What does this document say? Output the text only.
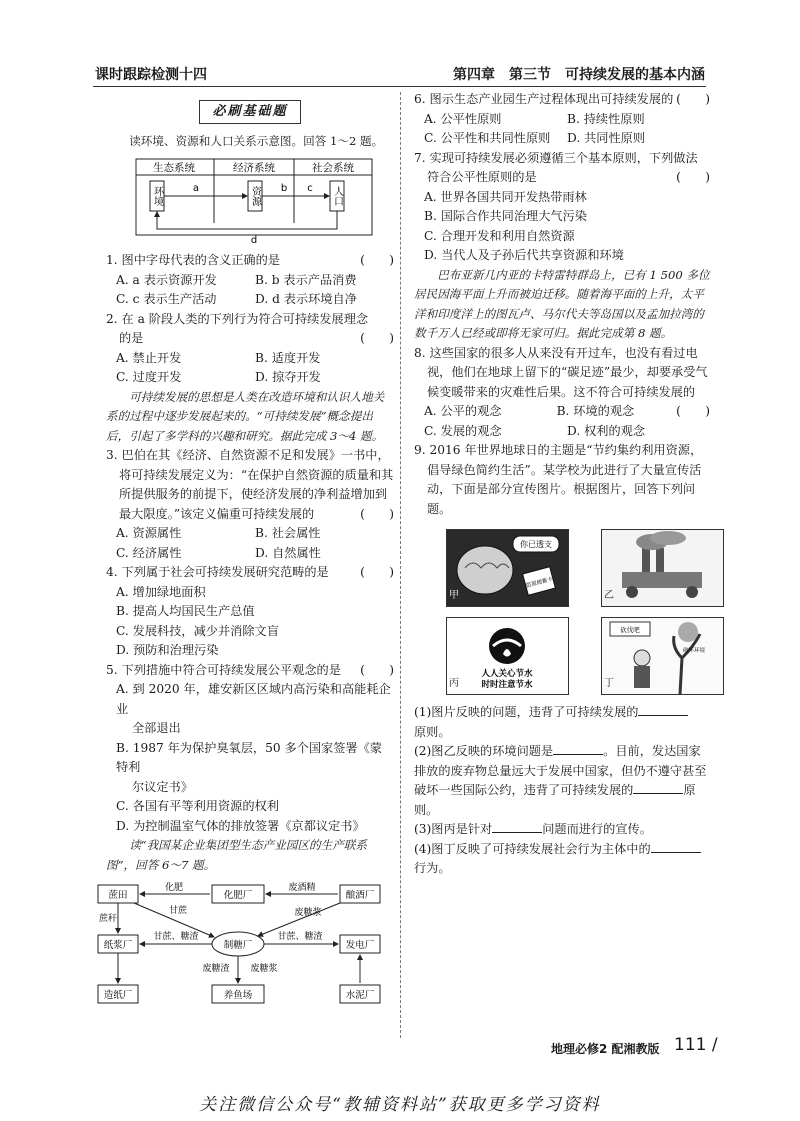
课时跟踪检测十四	第四章　第三节　可持续发展的基本内涵
必刷基础题

读环境、资源和人口关系示意图。回答 1～2 题。

生态系统	经济系统	社会系统
环境	资源	人口
a	b c
d

1. 图中字母代表的含义正确的是	(　　)

A. a 表示资源开发	B. b 表示产品消费
C. c 表示生产活动	D. d 表示环境自净

2. 在 a 阶段人类的下列行为符合可持续发展理念

的是	(　　)

A. 禁止开发	B. 适度开发
C. 过度开发	D. 掠夺开发

可持续发展的思想是人类在改造环境和认识人地关系的过程中逐步发展起来的。“可持续发展”概念提出后，引起了多学科的兴趣和研究。据此完成 3～4 题。

3. 巴伯在其《经济、自然资源不足和发展》一书中，将可持续发展定义为：“在保护自然资源的质量和其所提供服务的前提下，使经济发展的净利益增加到最大限度。”该定义偏重可持续发展的	(　　)

A. 资源属性	B. 社会属性
C. 经济属性	D. 自然属性

4. 下列属于社会可持续发展研究范畴的是	(　　)

A. 增加绿地面积
B. 提高人均国民生产总值
C. 发展科技，减少并消除文盲
D. 预防和治理污染

5. 下列措施中符合可持续发展公平观念的是 (　　)

A. 到 2020 年，雄安新区区域内高污染和高能耗企业
全部退出
B. 1987 年为保护臭氧层，50 多个国家签署《蒙特利
尔议定书》
C. 各国有平等利用资源的权利
D. 为控制温室气体的排放签署《京都议定书》

读“我国某企业集团型生态产业园区的生产联系图”，回答 6～7 题。

蔗田	化肥厂	酿酒厂
纸浆厂	制糖厂	发电厂
造纸厂	养鱼场	水泥厂
化肥	废酒精
蔗秆
甘蔗	废糖浆
甘蔗、糖渣	甘蔗、糖渣
废糖渣 废糖浆

6. 图示生态产业园生产过程体现出可持续发展的 (　　)

A. 公平性原则	B. 持续性原则
C. 公平性和共同性原则	D. 共同性原则

7. 实现可持续发展必须遵循三个基本原则，下列做法

符合公平性原则的是	(　　)

A. 世界各国共同开发热带雨林
B. 国际合作共同治理大气污染
C. 合理开发和利用自然资源
D. 当代人及子孙后代共享资源和环境

巴布亚新几内亚的卡特雷特群岛上，已有 1 500 多位居民因海平面上升而被迫迁移。随着海平面的上升，太平洋和印度洋上的图瓦卢、马尔代夫等岛国以及孟加拉湾的数千万人已经或即将无家可归。据此完成第 8 题。

8. 这些国家的很多人从来没有开过车，也没有看过电视，他们在地球上留下的“碳足迹”最少，却要承受气候变暖带来的灾难性后果。这不符合可持续发展的
(　　)

A. 公平的观念	B. 环境的观念
C. 发展的观念	D. 权利的观念

9. 2016 年世界地球日的主题是“节约集约利用资源，倡导绿色简约生活”。某学校为此进行了大量宣传活动，下面是部分宣传图片。根据图片，回答下列问题。

你已透支
资源储蓄卡
甲	乙
人人关心节水
时时注意节水
丙
砍伐吧
破坏环境
丁

(1)图片反映的问题，违背了可持续发展的

原则。

(2)图乙反映的环境问题是	。目前，发达国家排放的废弃物总量远大于发展中国家，但仍不遵守甚至破坏一些国际公约，违背了可持续发展的	原则。

(3)图丙是针对	问题而进行的宣传。

(4)图丁反映了可持续发展社会行为主体中的行为。

地理必修2 配湘教版 111 /
关注微信公众号“教辅资料站”获取更多学习资料
